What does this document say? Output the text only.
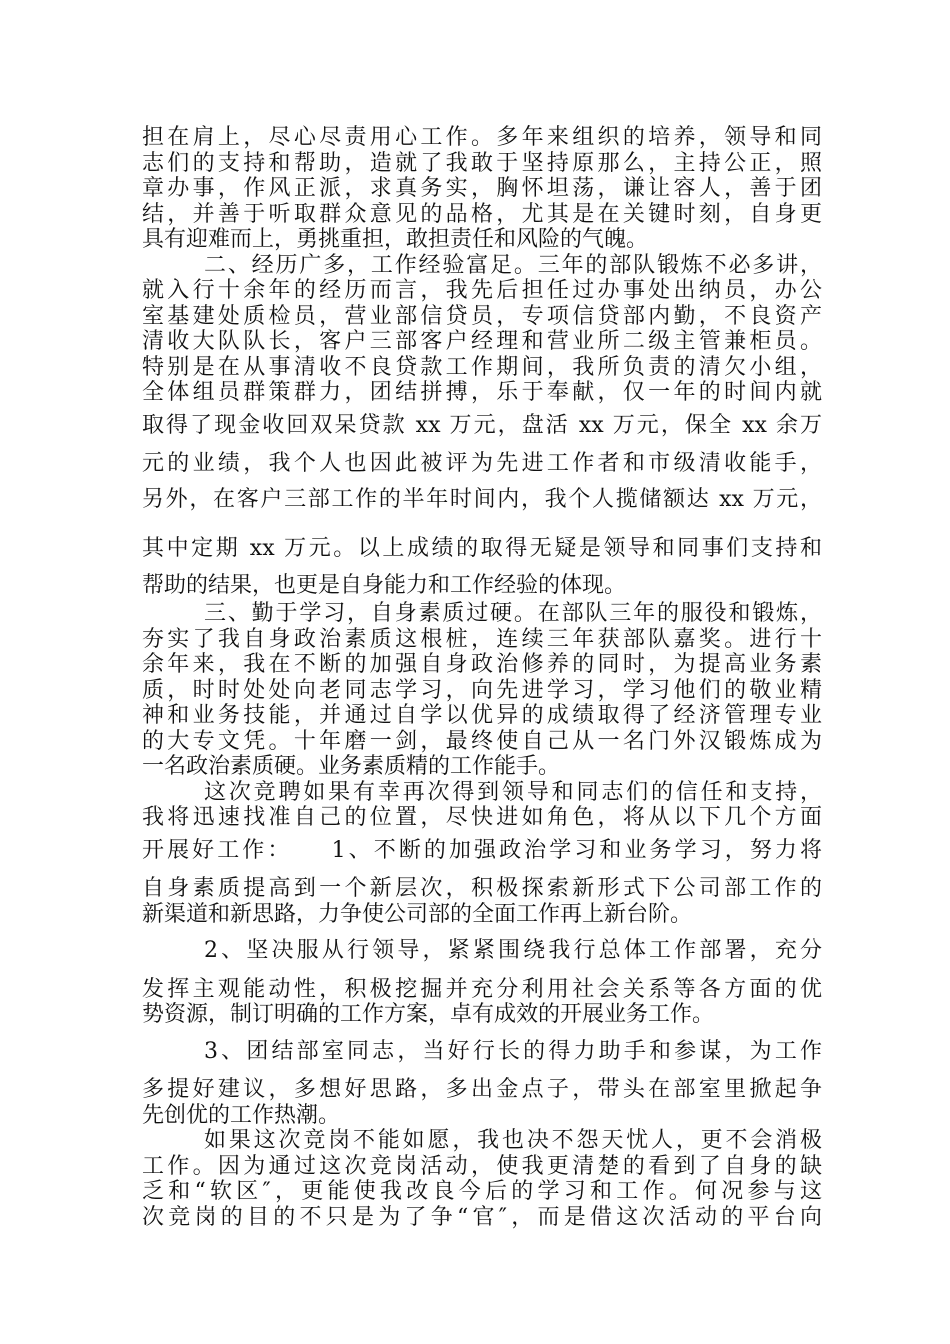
担在肩上，尽心尽责用心工作。多年来组织的培养，领导和同

志们的支持和帮助，造就了我敢于坚持原那么，主持公正，照

章办事，作风正派，求真务实，胸怀坦荡，谦让容人，善于团

结，并善于听取群众意见的品格，尤其是在关键时刻，自身更

具有迎难而上，勇挑重担，敢担责任和风险的气魄。

二、经历广多，工作经验富足。三年的部队锻炼不必多讲，

就入行十余年的经历而言，我先后担任过办事处出纳员，办公

室基建处质检员，营业部信贷员，专项信贷部内勤，不良资产

清收大队队长，客户三部客户经理和营业所二级主管兼柜员。

特别是在从事清收不良贷款工作期间，我所负责的清欠小组，

全体组员群策群力，团结拼搏，乐于奉献，仅一年的时间内就

取得了现金收回双呆贷款 xx 万元，盘活 xx 万元，保全 xx 余万

元的业绩，我个人也因此被评为先进工作者和市级清收能手，

另外，在客户三部工作的半年时间内，我个人揽储额达 xx 万元，

其中定期 xx 万元。以上成绩的取得无疑是领导和同事们支持和

帮助的结果，也更是自身能力和工作经验的体现。

三、勤于学习，自身素质过硬。在部队三年的服役和锻炼，

夯实了我自身政治素质这根桩，连续三年获部队嘉奖。进行十

余年来，我在不断的加强自身政治修养的同时，为提高业务素

质，时时处处向老同志学习，向先进学习，学习他们的敬业精

神和业务技能，并通过自学以优异的成绩取得了经济管理专业

的大专文凭。十年磨一剑，最终使自己从一名门外汉锻炼成为

一名政治素质硬。业务素质精的工作能手。

这次竞聘如果有幸再次得到领导和同志们的信任和支持，

我将迅速找准自己的位置，尽快进如角色，将从以下几个方面

开展好工作：　　1、不断的加强政治学习和业务学习，努力将

自身素质提高到一个新层次，积极探索新形式下公司部工作的

新渠道和新思路，力争使公司部的全面工作再上新台阶。

2、坚决服从行领导，紧紧围绕我行总体工作部署，充分

发挥主观能动性，积极挖掘并充分利用社会关系等各方面的优

势资源，制订明确的工作方案，卓有成效的开展业务工作。

3、团结部室同志，当好行长的得力助手和参谋，为工作

多提好建议，多想好思路，多出金点子，带头在部室里掀起争

先创优的工作热潮。

如果这次竞岗不能如愿，我也决不怨天忧人，更不会消极

工作。因为通过这次竞岗活动，使我更清楚的看到了自身的缺

乏和“软区″，更能使我改良今后的学习和工作。何况参与这

次竞岗的目的不只是为了争“官″，而是借这次活动的平台向
